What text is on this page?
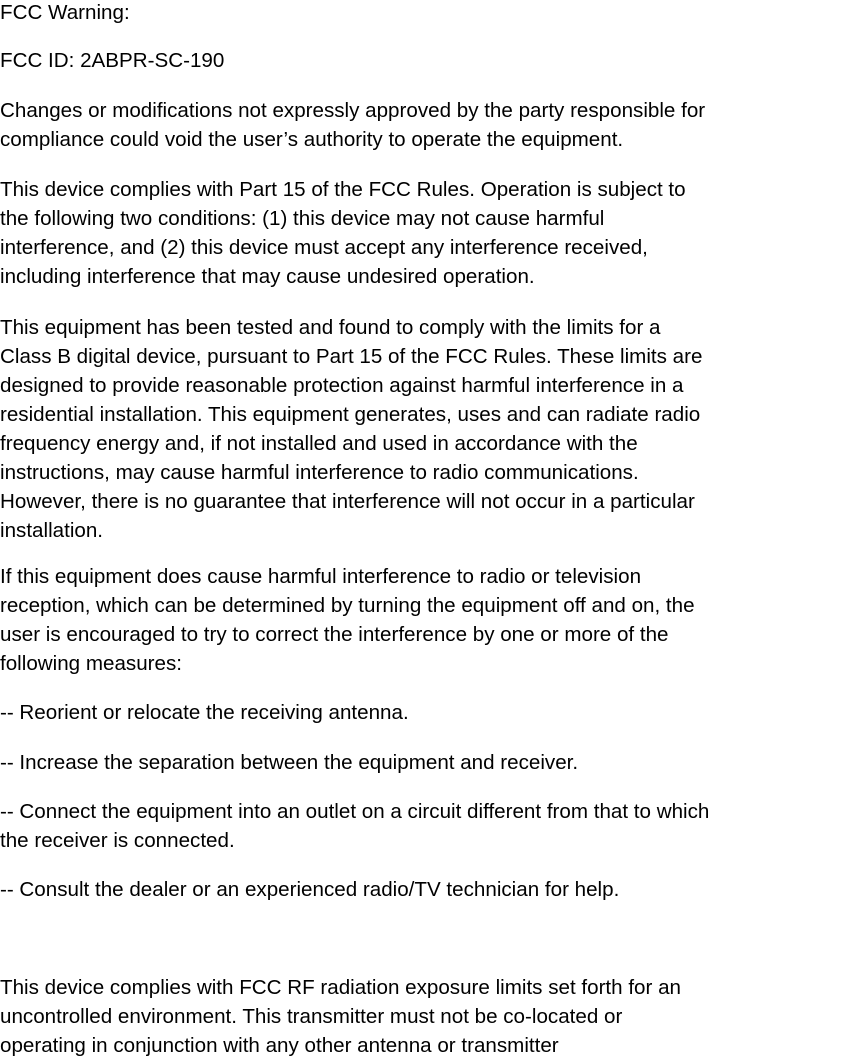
FCC Warning:

FCC ID: 2ABPR-SC-190

Changes or modifications not expressly approved by the party responsible for
compliance could void the user’s authority to operate the equipment.

This device complies with Part 15 of the FCC Rules. Operation is subject to
the following two conditions: (1) this device may not cause harmful
interference, and (2) this device must accept any interference received,
including interference that may cause undesired operation.

This equipment has been tested and found to comply with the limits for a
Class B digital device, pursuant to Part 15 of the FCC Rules. These limits are
designed to provide reasonable protection against harmful interference in a
residential installation. This equipment generates, uses and can radiate radio
frequency energy and, if not installed and used in accordance with the
instructions, may cause harmful interference to radio communications.
However, there is no guarantee that interference will not occur in a particular
installation.

If this equipment does cause harmful interference to radio or television
reception, which can be determined by turning the equipment off and on, the
user is encouraged to try to correct the interference by one or more of the
following measures:

-- Reorient or relocate the receiving antenna.

-- Increase the separation between the equipment and receiver.

-- Connect the equipment into an outlet on a circuit different from that to which
the receiver is connected.

-- Consult the dealer or an experienced radio/TV technician for help.

This device complies with FCC RF radiation exposure limits set forth for an
uncontrolled environment. This transmitter must not be co-located or
operating in conjunction with any other antenna or transmitter
